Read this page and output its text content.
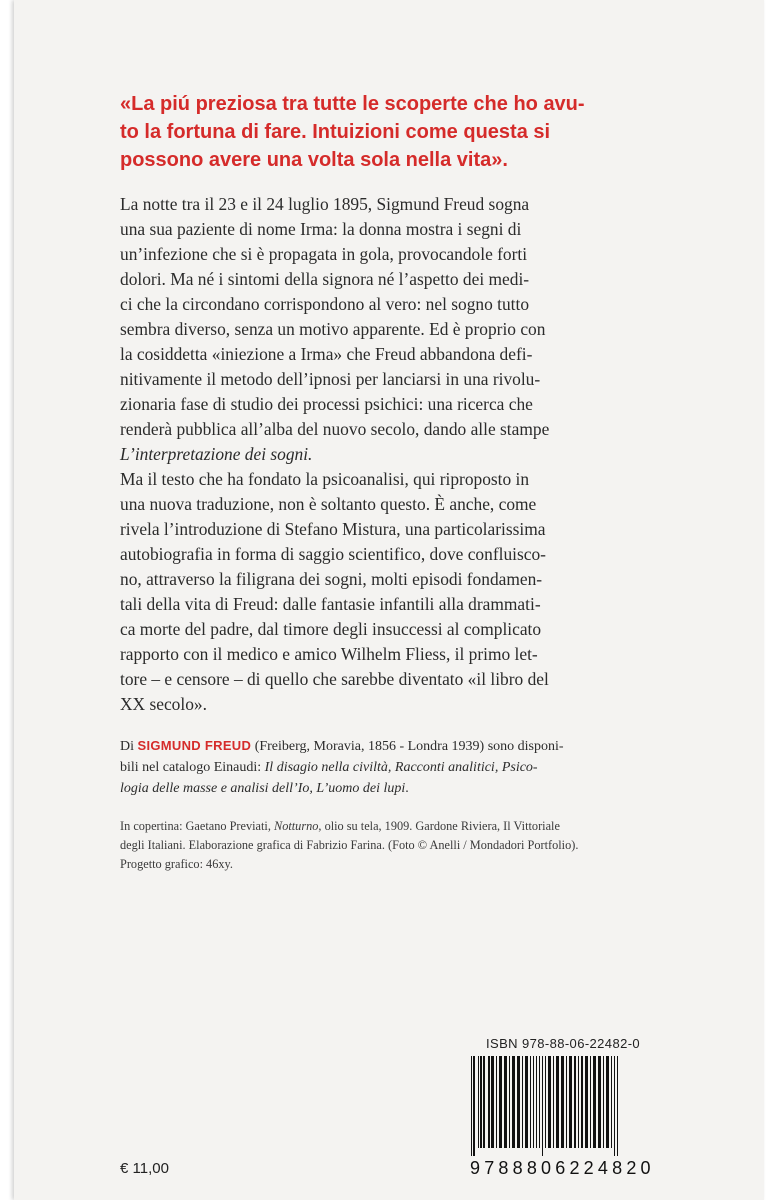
«La piú preziosa tra tutte le scoperte che ho avu-
to la fortuna di fare. Intuizioni come questa si
possono avere una volta sola nella vita».
La notte tra il 23 e il 24 luglio 1895, Sigmund Freud sogna
una sua paziente di nome Irma: la donna mostra i segni di
un’infezione che si è propagata in gola, provocandole forti
dolori. Ma né i sintomi della signora né l’aspetto dei medi-
ci che la circondano corrispondono al vero: nel sogno tutto
sembra diverso, senza un motivo apparente. Ed è proprio con
la cosiddetta «iniezione a Irma» che Freud abbandona defi-
nitivamente il metodo dell’ipnosi per lanciarsi in una rivolu-
zionaria fase di studio dei processi psichici: una ricerca che
renderà pubblica all’alba del nuovo secolo, dando alle stampe
L’interpretazione dei sogni.
Ma il testo che ha fondato la psicoanalisi, qui riproposto in
una nuova traduzione, non è soltanto questo. È anche, come
rivela l’introduzione di Stefano Mistura, una particolarissima
autobiografia in forma di saggio scientifico, dove confluisco-
no, attraverso la filigrana dei sogni, molti episodi fondamen-
tali della vita di Freud: dalle fantasie infantili alla drammati-
ca morte del padre, dal timore degli insuccessi al complicato
rapporto con il medico e amico Wilhelm Fliess, il primo let-
tore – e censore – di quello che sarebbe diventato «il libro del
XX secolo».
Di SIGMUND FREUD (Freiberg, Moravia, 1856 - Londra 1939) sono disponi-
bili nel catalogo Einaudi: Il disagio nella civiltà, Racconti analitici, Psico-
logia delle masse e analisi dell’Io, L’uomo dei lupi.
In copertina: Gaetano Previati, Notturno, olio su tela, 1909. Gardone Riviera, Il Vittoriale
degli Italiani. Elaborazione grafica di Fabrizio Farina. (Foto © Anelli / Mondadori Portfolio).
Progetto grafico: 46xy.
ISBN 978-88-06-22482-0
9788806224820
€ 11,00
